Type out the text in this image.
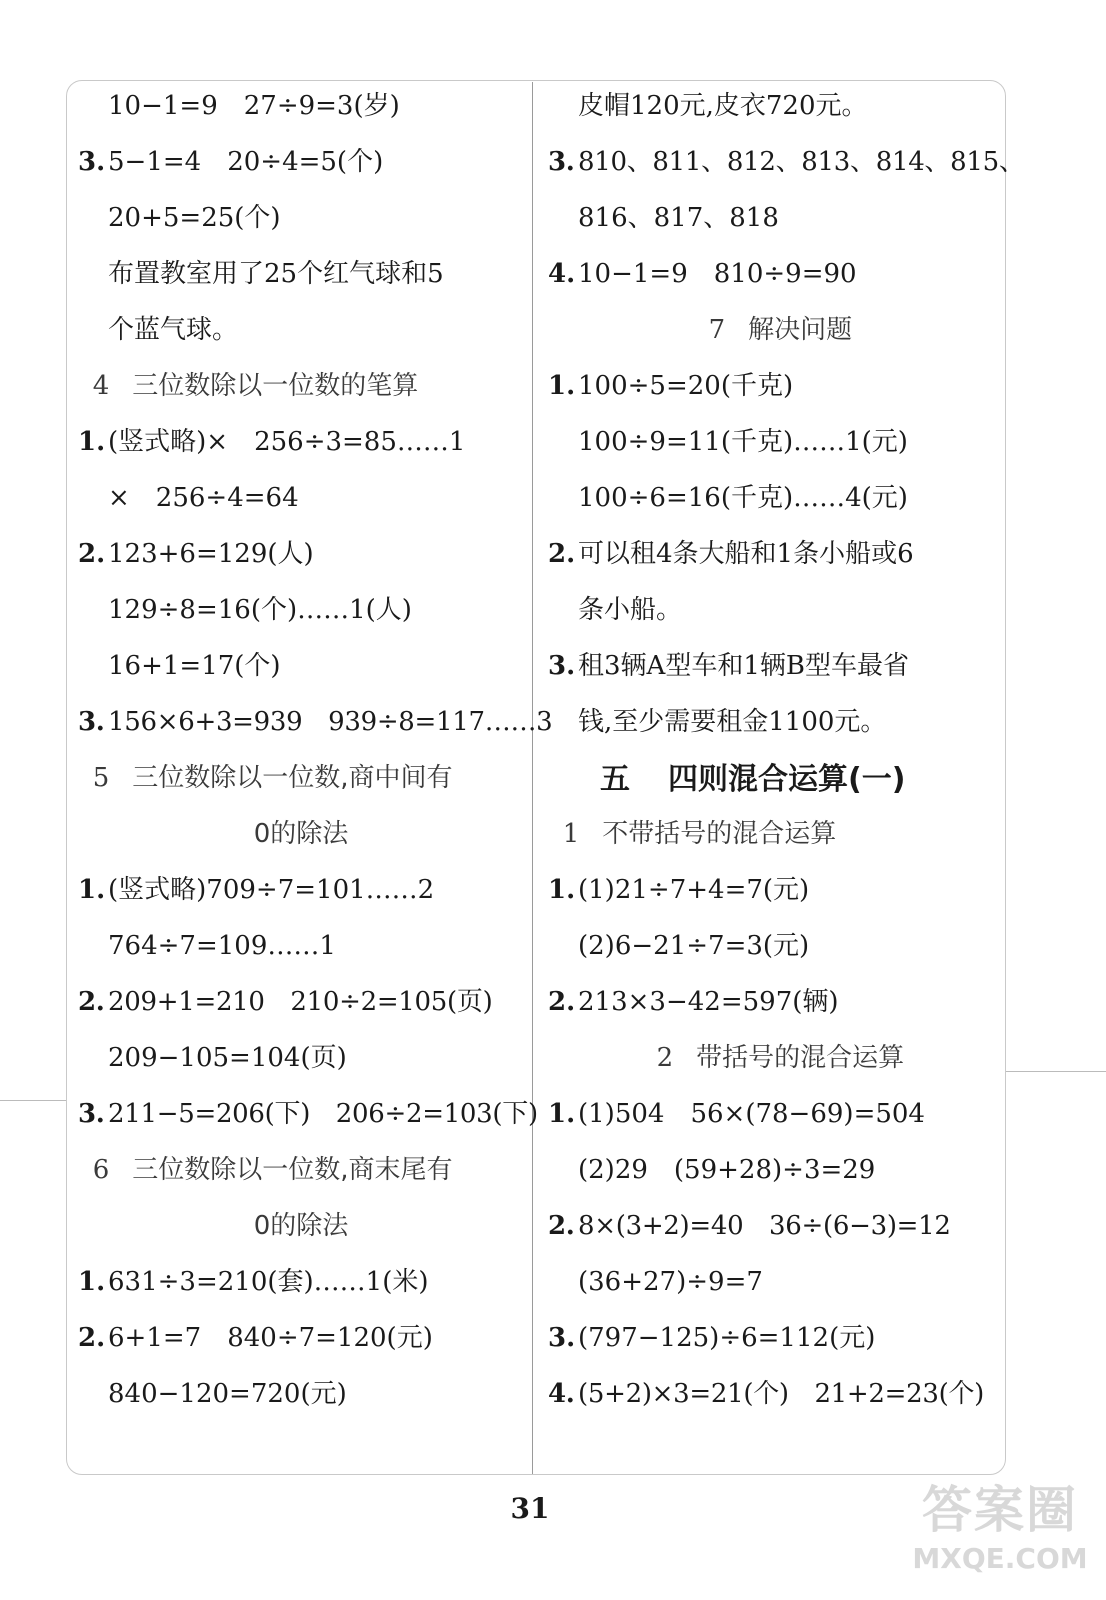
10−1=9　27÷9=3(岁)
3. 5−1=4　20÷4=5(个)
20+5=25(个)
布置教室用了25个红气球和5
个蓝气球。
4 三位数除以一位数的笔算
1. (竖式略)×　256÷3=85……1
×　256÷4=64
2. 123+6=129(人)
129÷8=16(个)……1(人)
16+1=17(个)
3. 156×6+3=939　939÷8=117……3
5 三位数除以一位数,商中间有
0的除法
1. (竖式略)709÷7=101……2
764÷7=109……1
2. 209+1=210　210÷2=105(页)
209−105=104(页)
3. 211−5=206(下)　206÷2=103(下)
6 三位数除以一位数,商末尾有
0的除法
1. 631÷3=210(套)……1(米)
2. 6+1=7　840÷7=120(元)
840−120=720(元)
皮帽120元,皮衣720元。
3. 810、811、812、813、814、815、
816、817、818
4. 10−1=9　810÷9=90
7 解决问题
1. 100÷5=20(千克)
100÷9=11(千克)……1(元)
100÷6=16(千克)……4(元)
2. 可以租4条大船和1条小船或6
条小船。
3. 租3辆A型车和1辆B型车最省
钱,至少需要租金1100元。
五 四则混合运算(一)
1 不带括号的混合运算
1. (1)21÷7+4=7(元)
(2)6−21÷7=3(元)
2. 213×3−42=597(辆)
2 带括号的混合运算
1. (1)504　56×(78−69)=504
(2)29　(59+28)÷3=29
2. 8×(3+2)=40　36÷(6−3)=12
(36+27)÷9=7
3. (797−125)÷6=112(元)
4. (5+2)×3=21(个)　21+2=23(个)
31	答案圈
MXQE.COM
